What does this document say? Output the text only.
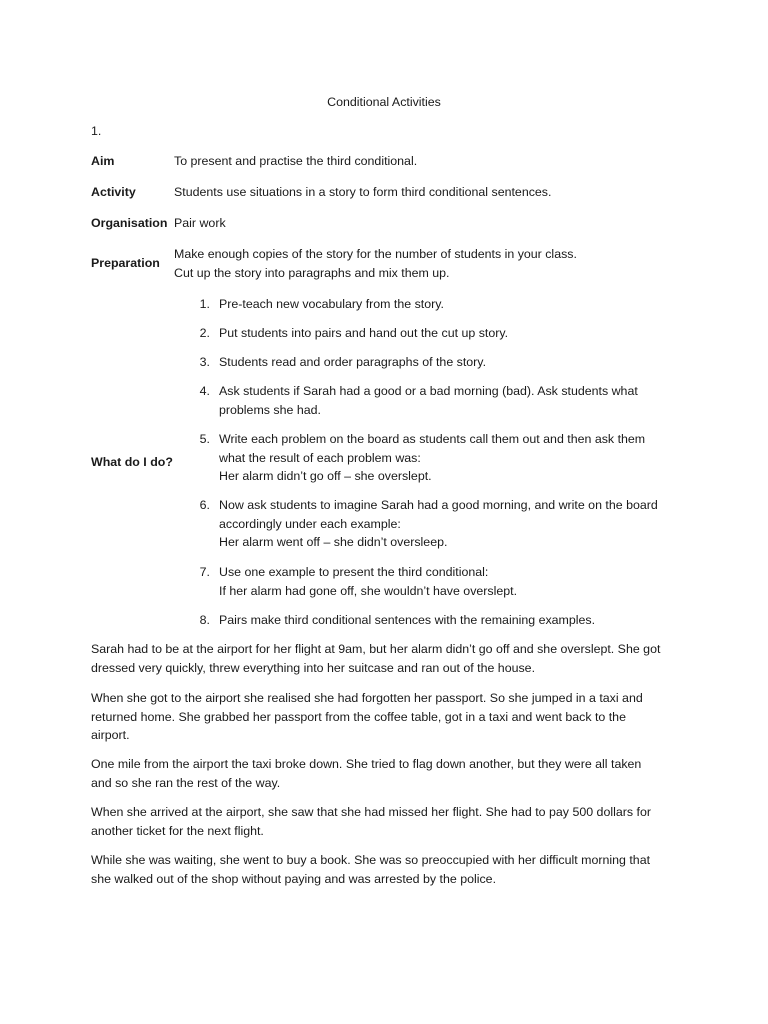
Conditional Activities
1.
Aim	To present and practise the third conditional.
Activity	Students use situations in a story to form third conditional sentences.
Organisation Pair work
Preparation
Make enough copies of the story for the number of students in your class.
Cut up the story into paragraphs and mix them up.
What do I do?
1. Pre-teach new vocabulary from the story.
2. Put students into pairs and hand out the cut up story.
3. Students read and order paragraphs of the story.
4. Ask students if Sarah had a good or a bad morning (bad). Ask students what
problems she had.
5. Write each problem on the board as students call them out and then ask them
what the result of each problem was:
Her alarm didn’t go off – she overslept.
6. Now ask students to imagine Sarah had a good morning, and write on the board
accordingly under each example:
Her alarm went off – she didn’t oversleep.
7. Use one example to present the third conditional:
If her alarm had gone off, she wouldn’t have overslept.
8. Pairs make third conditional sentences with the remaining examples.
Sarah had to be at the airport for her flight at 9am, but her alarm didn’t go off and she overslept. She got
dressed very quickly, threw everything into her suitcase and ran out of the house.
When she got to the airport she realised she had forgotten her passport. So she jumped in a taxi and
returned home. She grabbed her passport from the coffee table, got in a taxi and went back to the
airport.
One mile from the airport the taxi broke down. She tried to flag down another, but they were all taken
and so she ran the rest of the way.
When she arrived at the airport, she saw that she had missed her flight. She had to pay 500 dollars for
another ticket for the next flight.
While she was waiting, she went to buy a book. She was so preoccupied with her difficult morning that
she walked out of the shop without paying and was arrested by the police.
